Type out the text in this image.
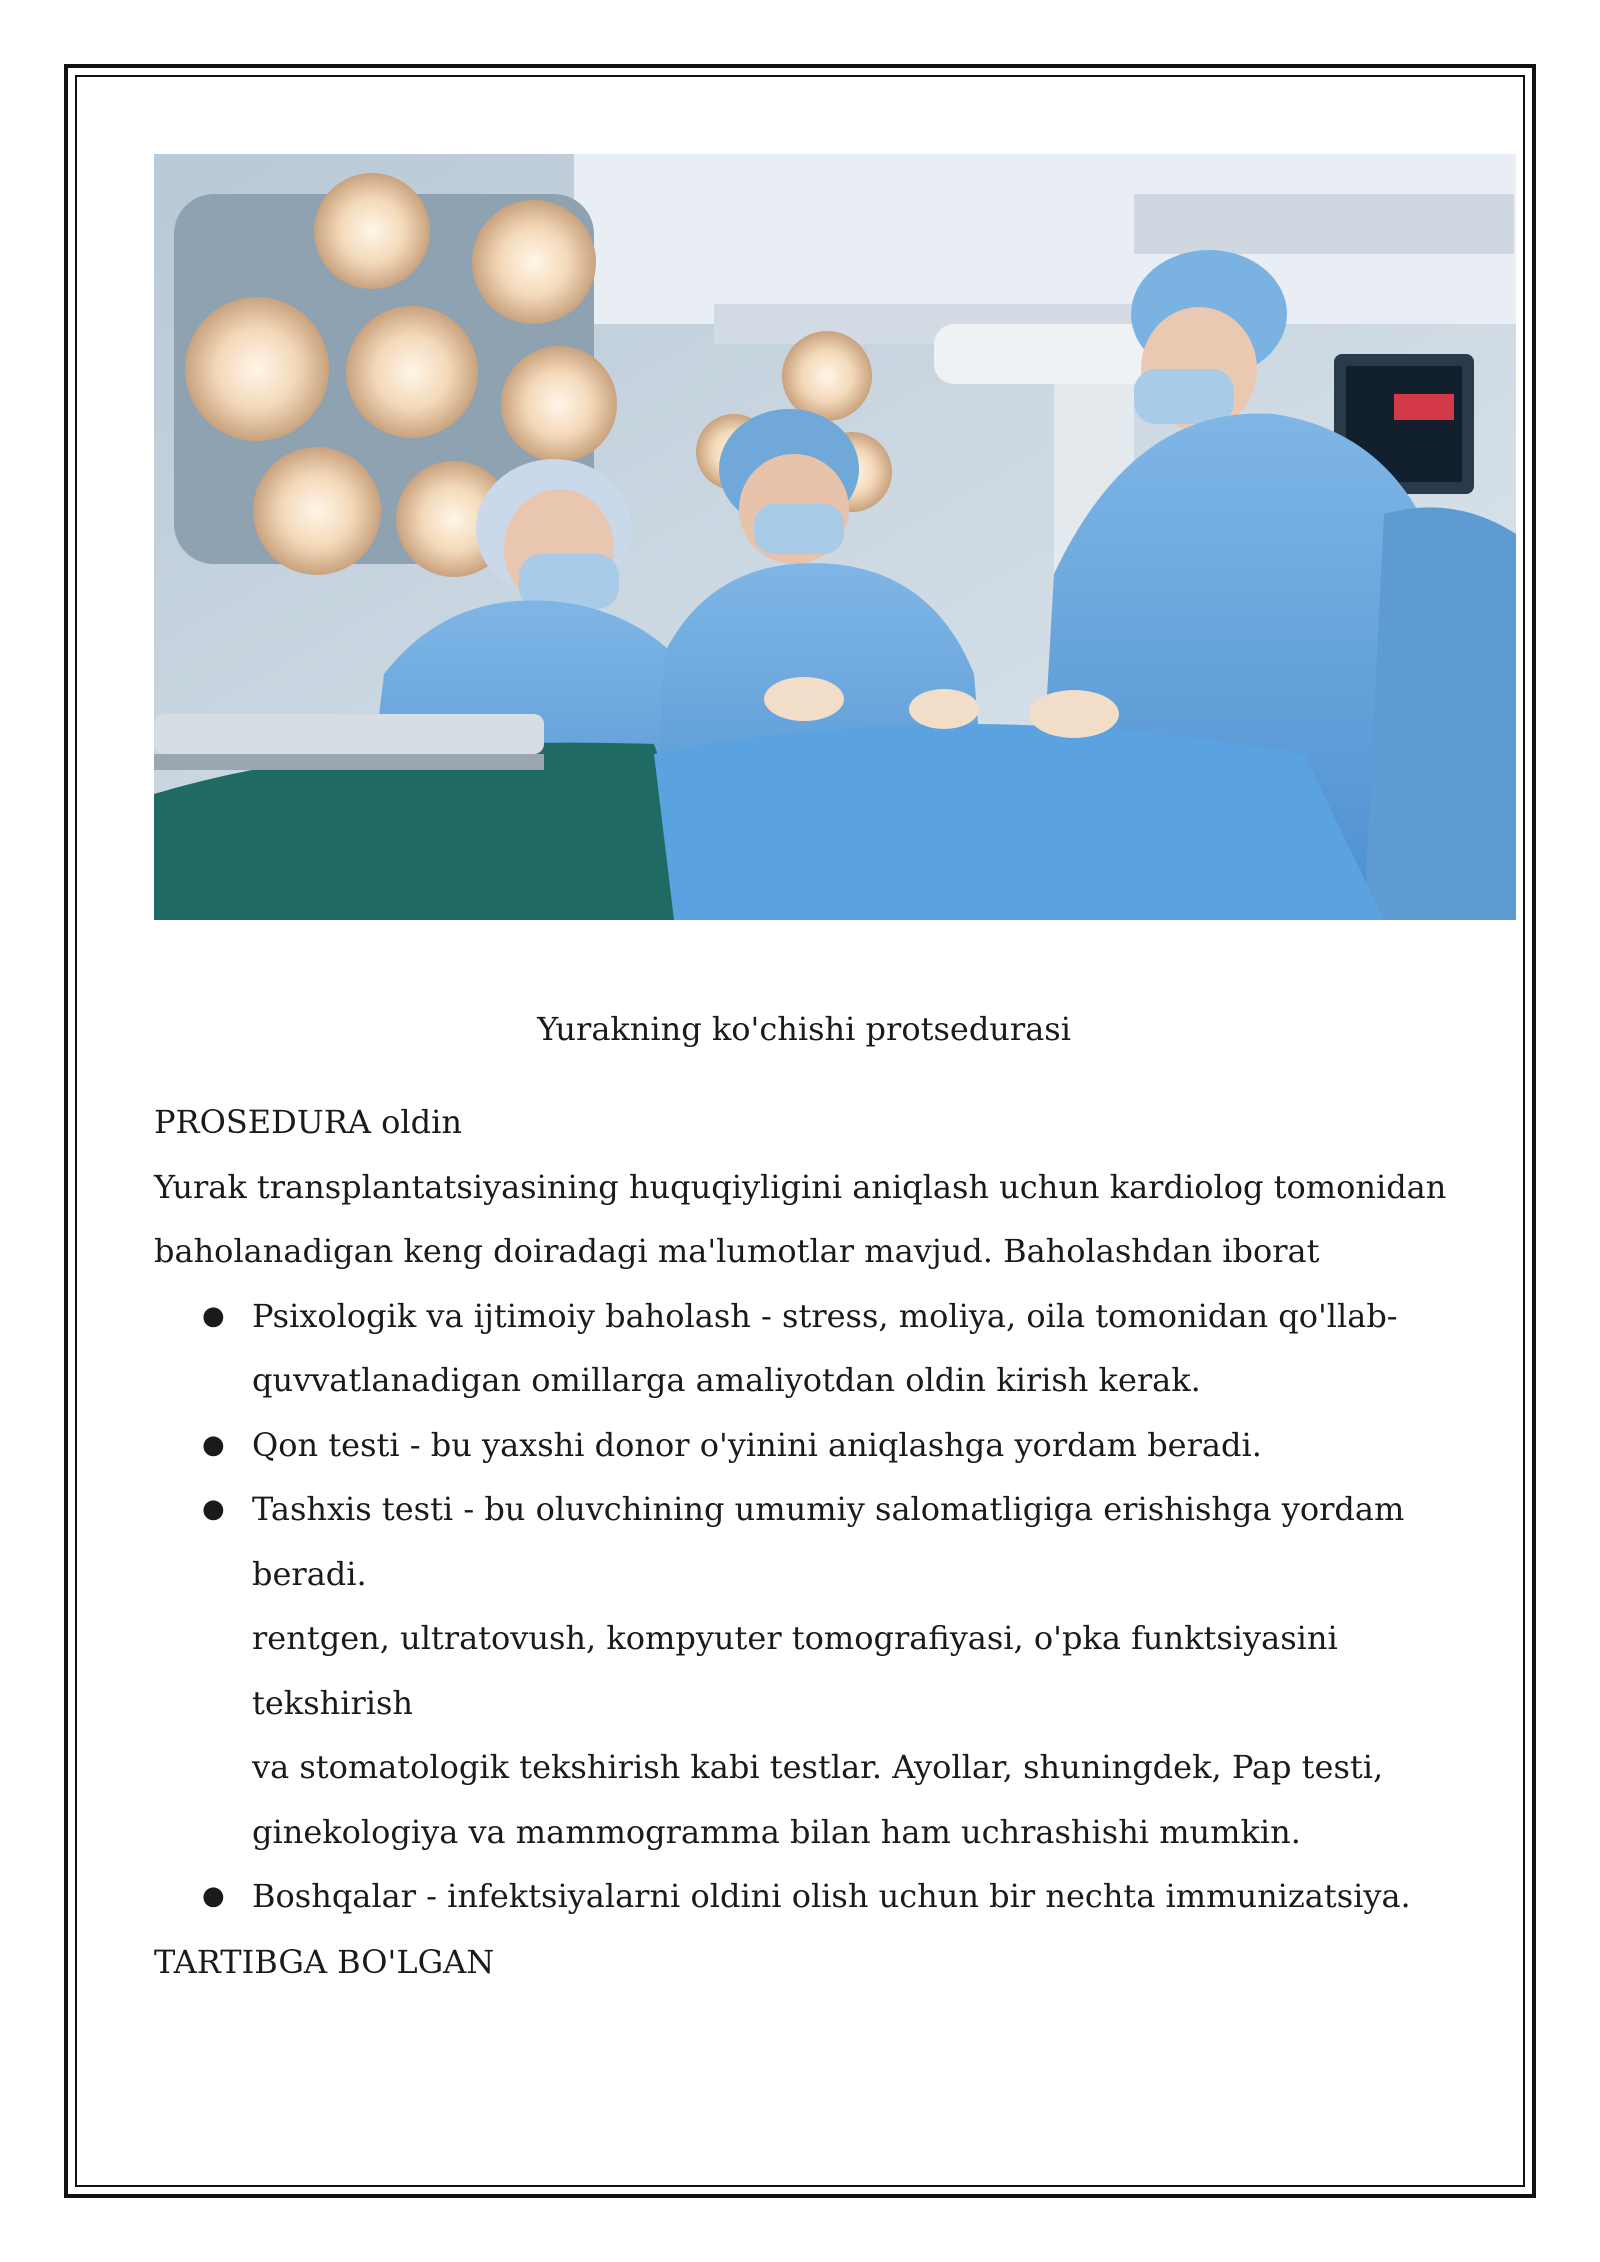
Yurakning ko'chishi protsedurasi

PROSEDURA oldin

Yurak transplantatsiyasining huquqiyligini aniqlash uchun kardiolog tomonidan

baholanadigan keng doiradagi ma'lumotlar mavjud. Baholashdan iborat

● Psixologik va ijtimoiy baholash - stress, moliya, oila tomonidan qo'llab-
quvvatlanadigan omillarga amaliyotdan oldin kirish kerak.
● Qon testi - bu yaxshi donor o'yinini aniqlashga yordam beradi.
● Tashxis testi - bu oluvchining umumiy salomatligiga erishishga yordam beradi.
rentgen, ultratovush, kompyuter tomografiyasi, o'pka funktsiyasini tekshirish
va stomatologik tekshirish kabi testlar. Ayollar, shuningdek, Pap testi,
ginekologiya va mammogramma bilan ham uchrashishi mumkin.
● Boshqalar - infektsiyalarni oldini olish uchun bir nechta immunizatsiya.
TARTIBGA BO'LGAN
